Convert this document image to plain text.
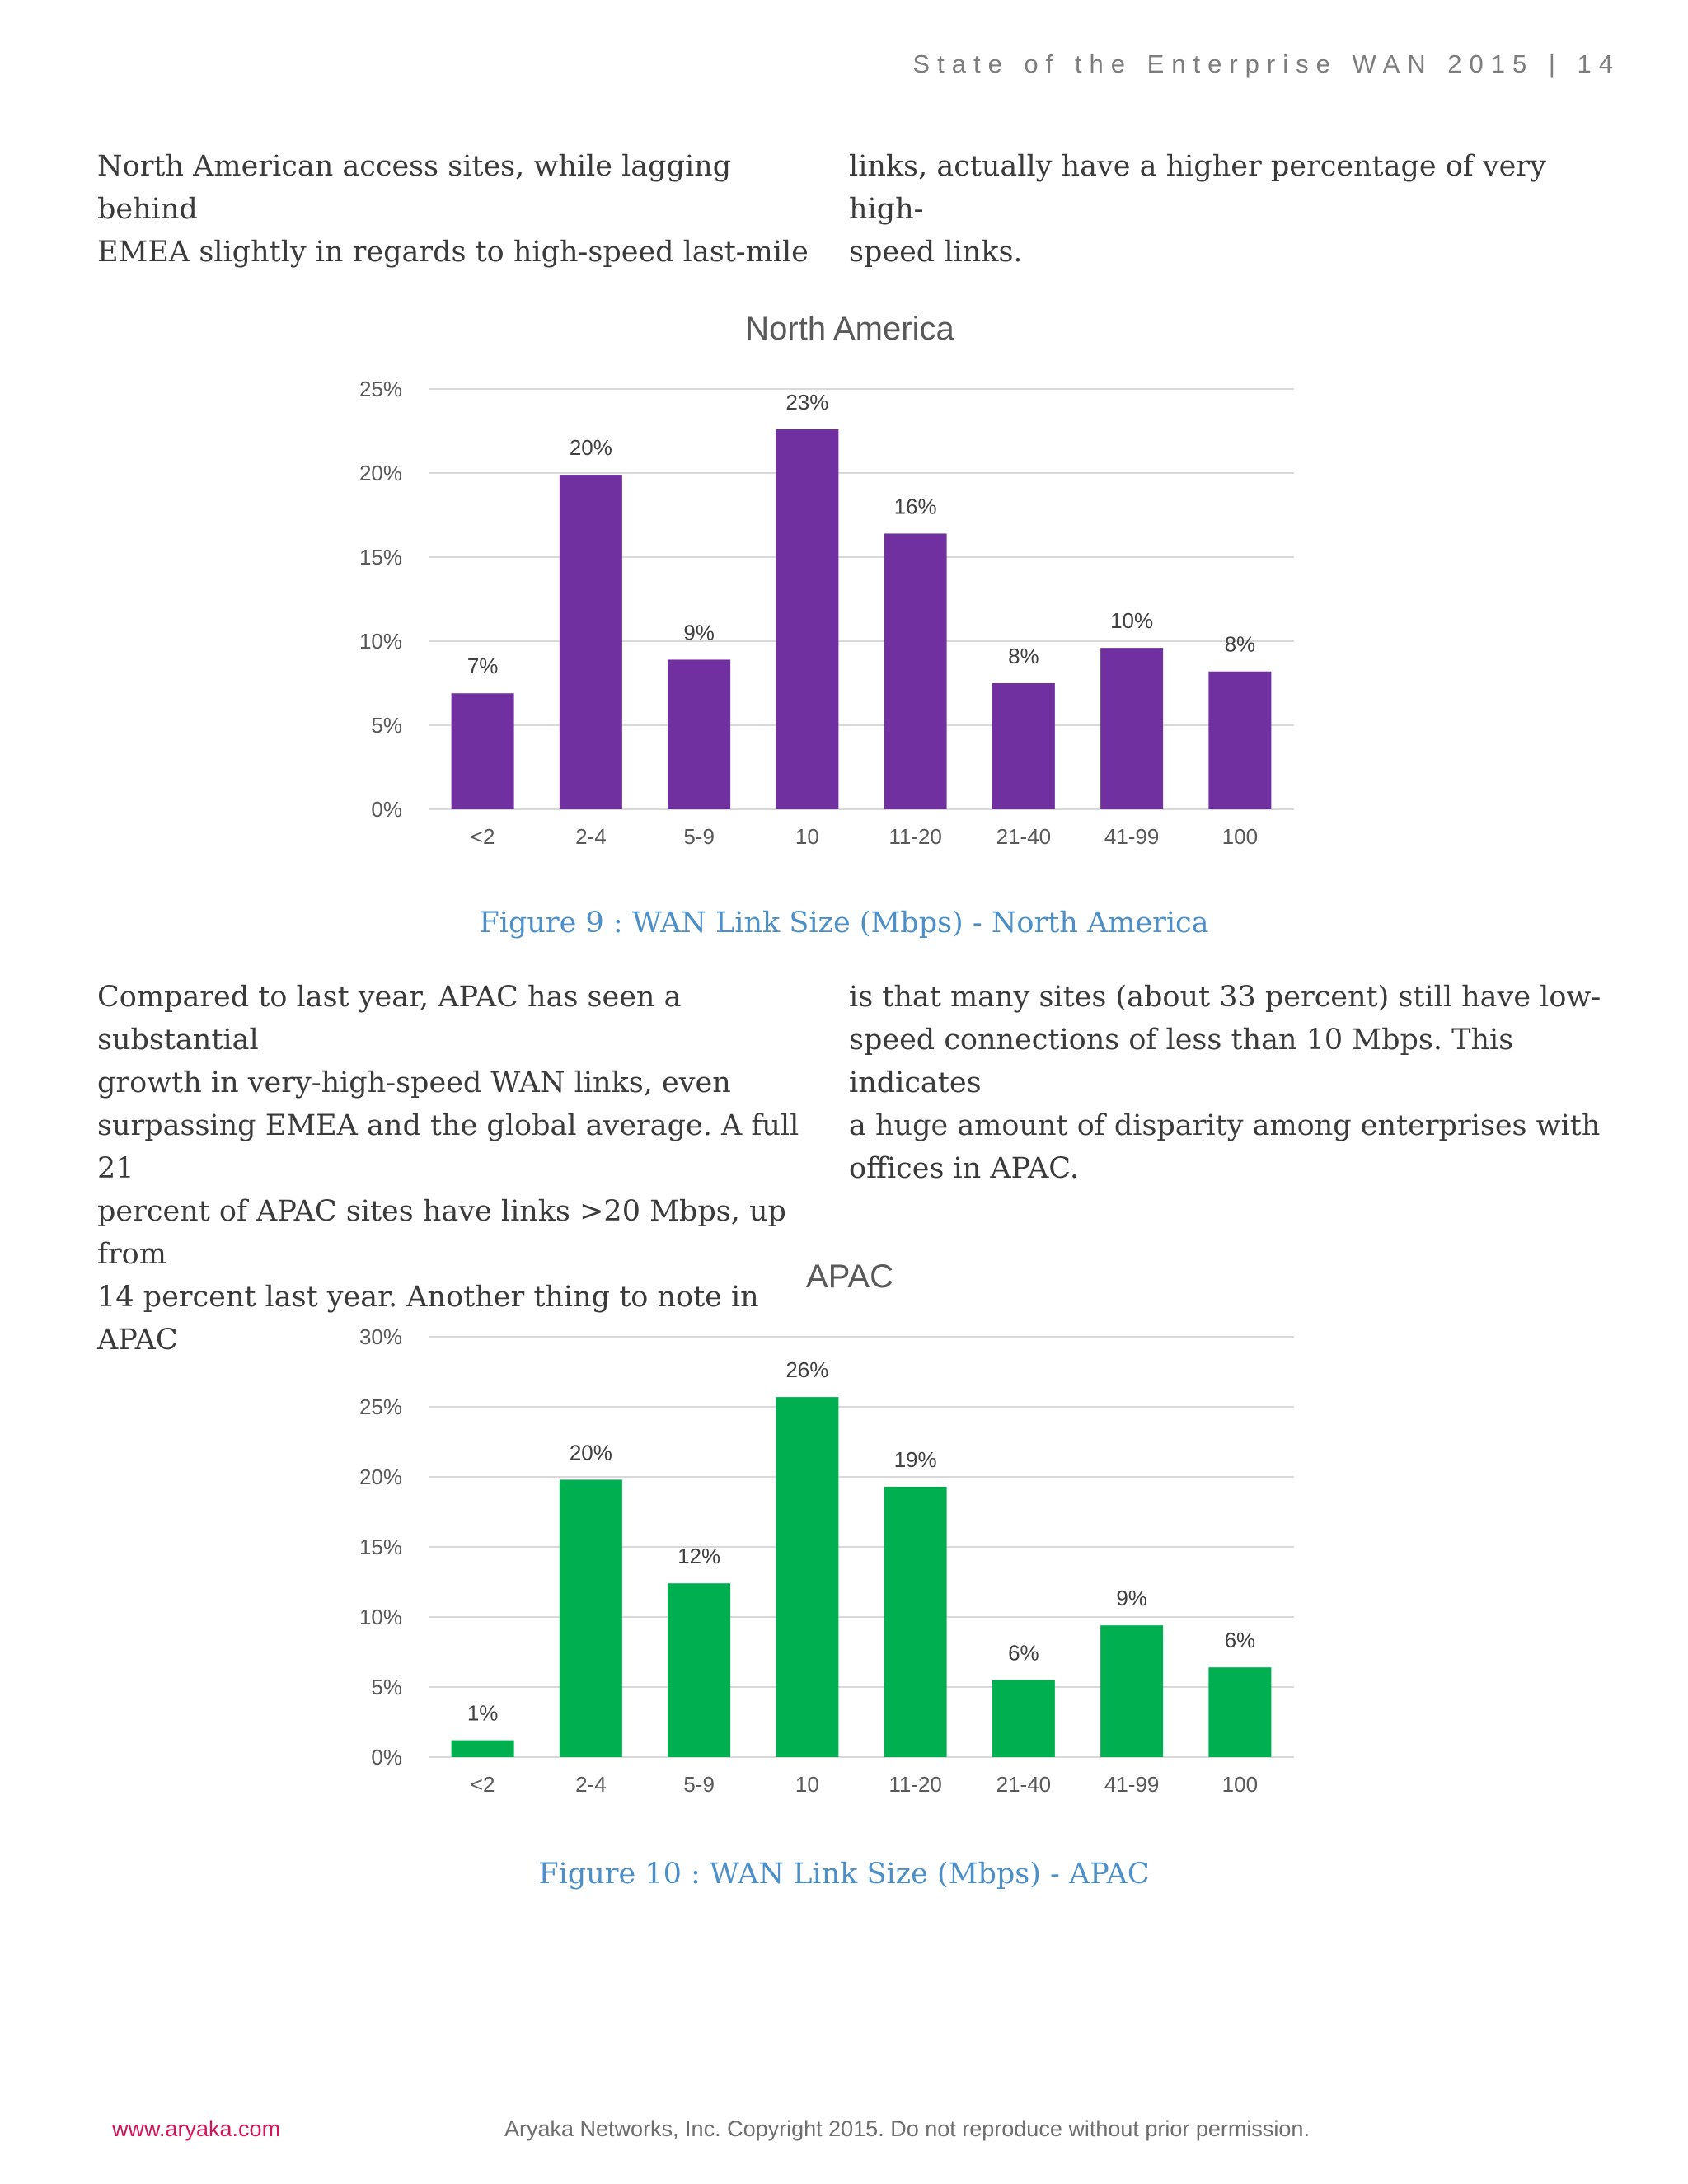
State of the Enterprise WAN 2015 | 14

North American access sites, while lagging behind
EMEA slightly in regards to high-speed last-mile

links, actually have a higher percentage of very high-
speed links.

North America
0%
5%
10%
15%
20%
25%
7%
<2
20%
2-4
9%
5-9
23%
10
16%
11-20
8%
21-40
10%
41-99
8%
100
Figure 9 : WAN Link Size (Mbps) - North America

Compared to last year, APAC has seen a substantial
growth in very-high-speed WAN links, even
surpassing EMEA and the global average. A full 21
percent of APAC sites have links >20 Mbps, up from
14 percent last year. Another thing to note in APAC

is that many sites (about 33 percent) still have low-
speed connections of less than 10 Mbps. This indicates
a huge amount of disparity among enterprises with
offices in APAC.

APAC
0%
5%
10%
15%
20%
25%
30%
1%
<2
20%
2-4
12%
5-9
26%
10
19%
11-20
6%
21-40
9%
41-99
6%
100
Figure 10 : WAN Link Size (Mbps) - APAC
www.aryaka.com	Aryaka Networks, Inc. Copyright 2015. Do not reproduce without prior permission.
